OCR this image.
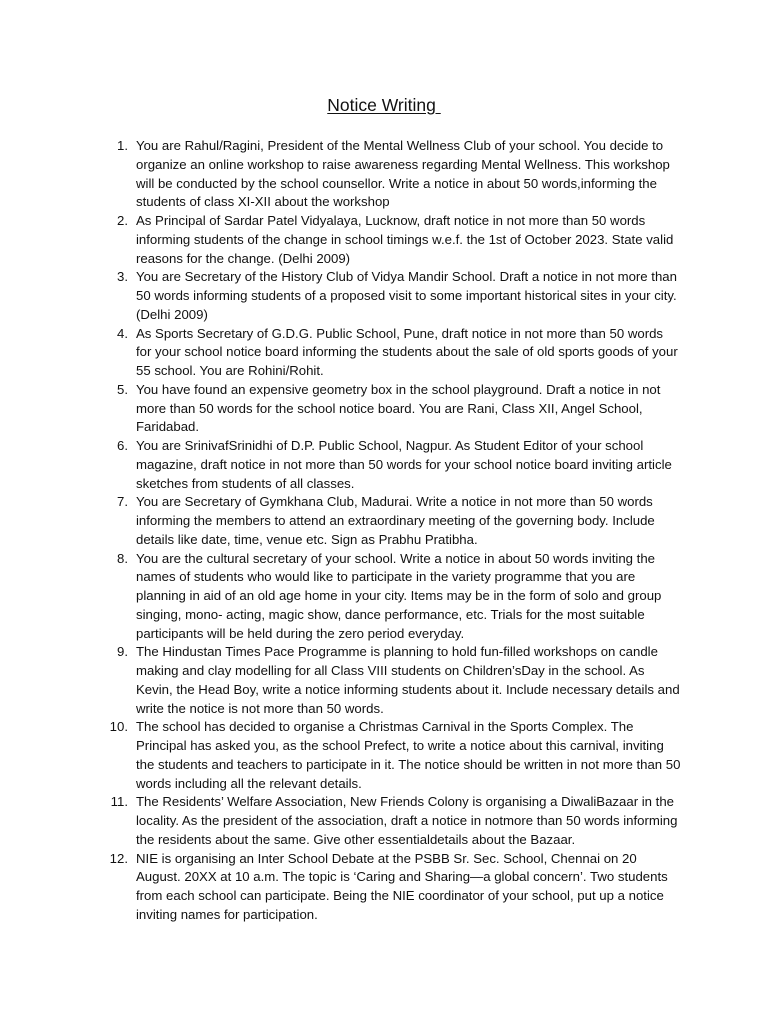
Notice Writing
1. You are Rahul/Ragini, President of the Mental Wellness Club of your school. You decide to organize an online workshop to raise awareness regarding Mental Wellness. This workshop will be conducted by the school counsellor. Write a notice in about 50 words,informing the students of class XI-XII about the workshop
2. As Principal of Sardar Patel Vidyalaya, Lucknow, draft notice in not more than 50 words informing students of the change in school timings w.e.f. the 1st of October 2023. State valid reasons for the change. (Delhi 2009)
3. You are Secretary of the History Club of Vidya Mandir School. Draft a notice in not more than 50 words informing students of a proposed visit to some important historical sites in your city. (Delhi 2009)
4. As Sports Secretary of G.D.G. Public School, Pune, draft notice in not more than 50 words for your school notice board informing the students about the sale of old sports goods of your 55 school. You are Rohini/Rohit.
5. You have found an expensive geometry box in the school playground. Draft a notice in not more than 50 words for the school notice board. You are Rani, Class XII, Angel School, Faridabad.
6. You are SrinivafSrinidhi of D.P. Public School, Nagpur. As Student Editor of your school magazine, draft notice in not more than 50 words for your school notice board inviting article sketches from students of all classes.
7. You are Secretary of Gymkhana Club, Madurai. Write a notice in not more than 50 words informing the members to attend an extraordinary meeting of the governing body. Include details like date, time, venue etc. Sign as Prabhu Pratibha.
8. You are the cultural secretary of your school. Write a notice in about 50 words inviting the names of students who would like to participate in the variety programme that you are planning in aid of an old age home in your city. Items may be in the form of solo and group singing, mono- acting, magic show, dance performance, etc. Trials for the most suitable participants will be held during the zero period everyday.
9. The Hindustan Times Pace Programme is planning to hold fun-filled workshops on candle making and clay modelling for all Class VIII students on Children’sDay in the school. As Kevin, the Head Boy, write a notice informing students about it. Include necessary details and write the notice is not more than 50 words.
10. The school has decided to organise a Christmas Carnival in the Sports Complex. The Principal has asked you, as the school Prefect, to write a notice about this carnival, inviting the students and teachers to participate in it. The notice should be written in not more than 50 words including all the relevant details.
11. The Residents’ Welfare Association, New Friends Colony is organising a DiwaliBazaar in the locality. As the president of the association, draft a notice in notmore than 50 words informing the residents about the same. Give other essentialdetails about the Bazaar.
12. NIE is organising an Inter School Debate at the PSBB Sr. Sec. School, Chennai on 20 August. 20XX at 10 a.m. The topic is ‘Caring and Sharing—a global concern’. Two students from each school can participate. Being the NIE coordinator of your school, put up a notice inviting names for participation.
